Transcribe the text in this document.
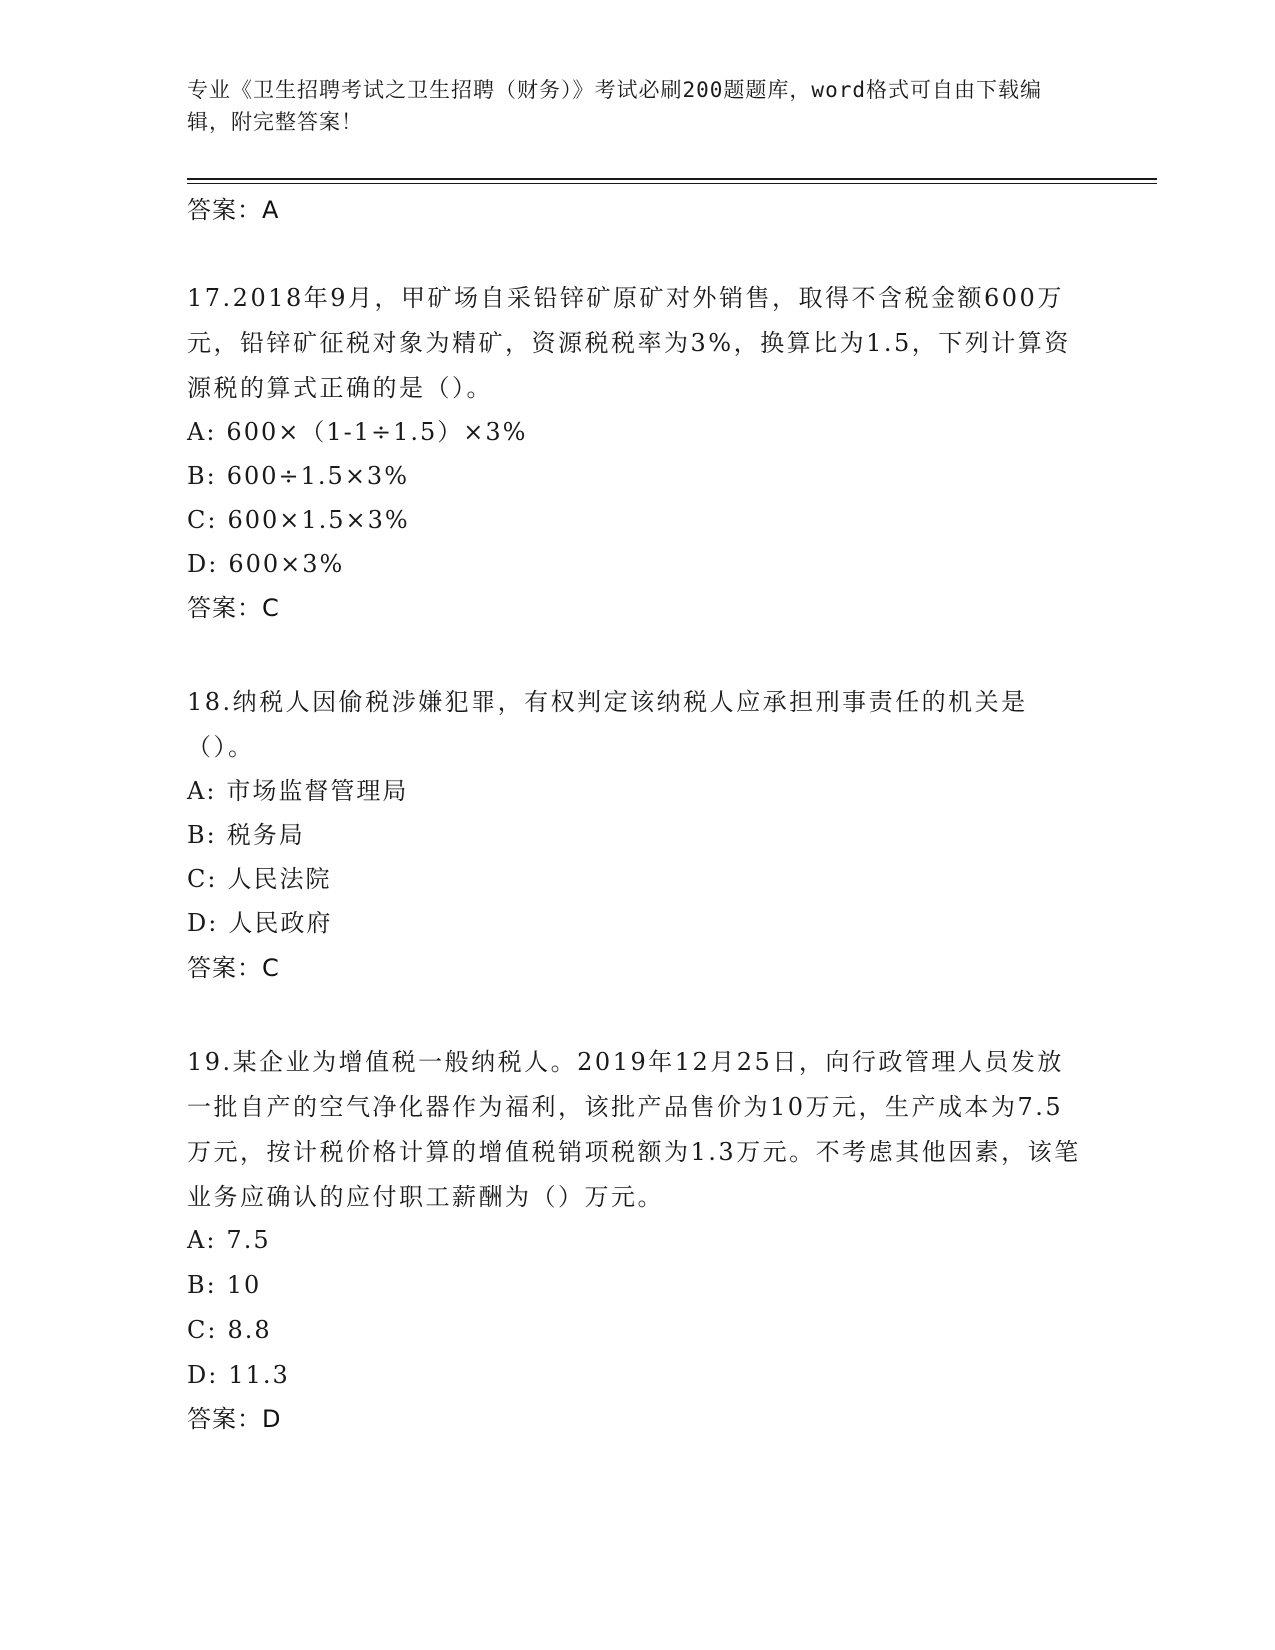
专业《卫生招聘考试之卫生招聘（财务）》考试必刷200题题库，word格式可自由下载编辑，附完整答案！
答案：A

17.2018年9月，甲矿场自采铅锌矿原矿对外销售，取得不含税金额600万元，铅锌矿征税对象为精矿，资源税税率为3%，换算比为1.5，下列计算资源税的算式正确的是（）。

A: 600×（1-1÷1.5）×3%
B: 600÷1.5×3%
C: 600×1.5×3%
D: 600×3%
答案：C

18.纳税人因偷税涉嫌犯罪，有权判定该纳税人应承担刑事责任的机关是（）。

A: 市场监督管理局
B: 税务局
C: 人民法院
D: 人民政府
答案：C

19.某企业为增值税一般纳税人。2019年12月25日，向行政管理人员发放一批自产的空气净化器作为福利，该批产品售价为10万元，生产成本为7.5万元，按计税价格计算的增值税销项税额为1.3万元。不考虑其他因素，该笔业务应确认的应付职工薪酬为（）万元。

A: 7.5
B: 10
C: 8.8
D: 11.3
答案：D
